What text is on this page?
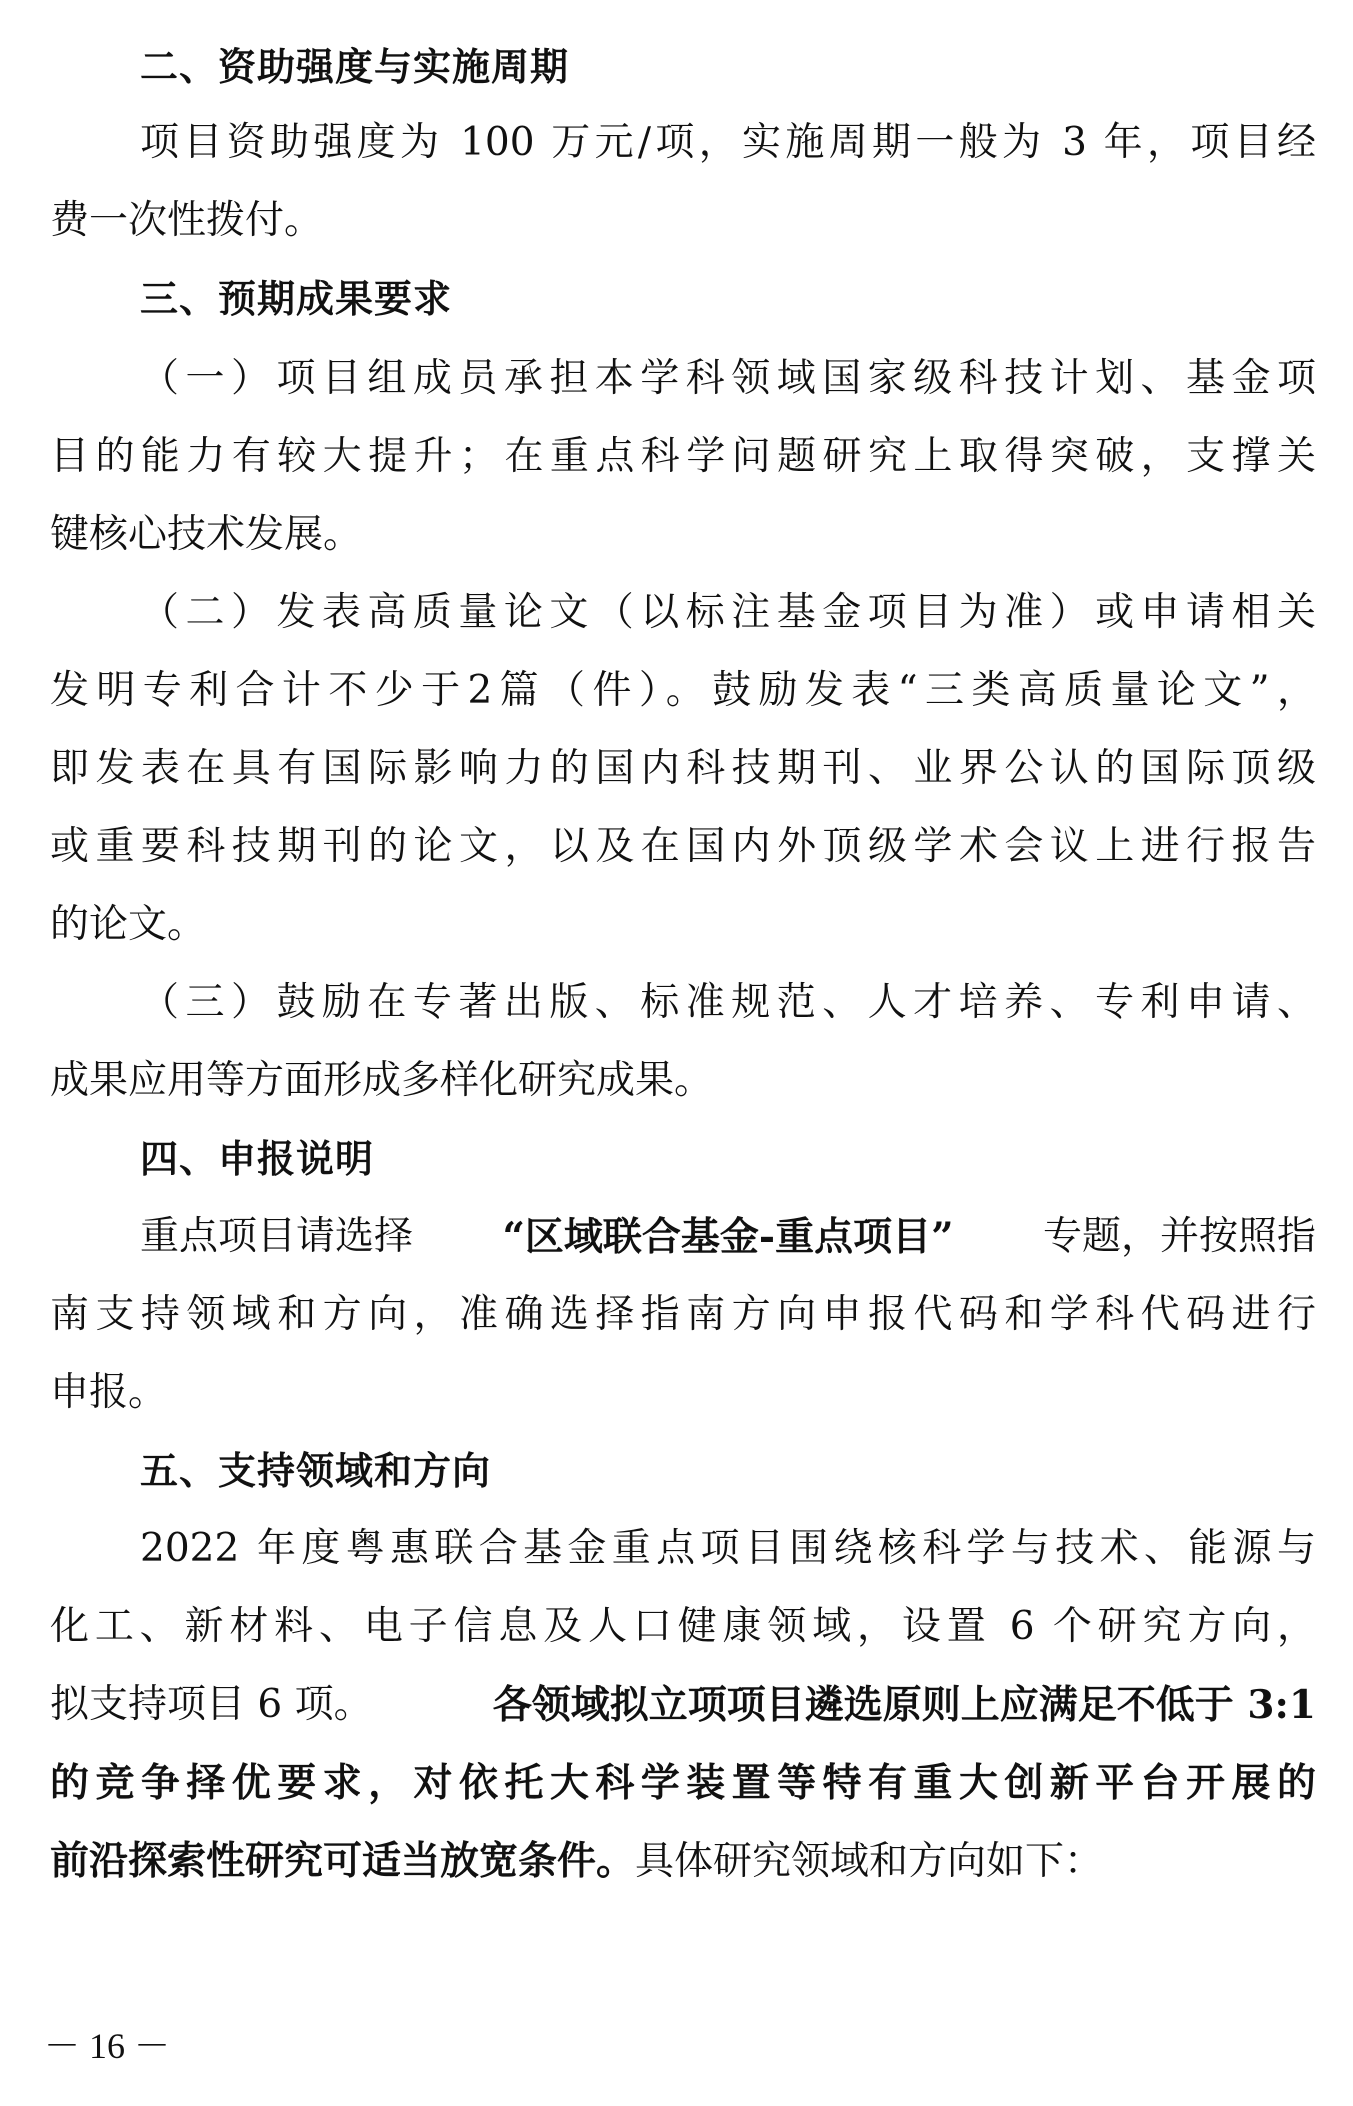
二、资助强度与实施周期
项目资助强度为 100 万元/项，实施周期一般为 3 年，项目经
费一次性拨付。
三、预期成果要求
（一）项目组成员承担本学科领域国家级科技计划、基金项
目的能力有较大提升；在重点科学问题研究上取得突破，支撑关
键核心技术发展。
（二）发表高质量论文（以标注基金项目为准）或申请相关
发明专利合计不少于2篇（件）。鼓励发表“三类高质量论文”，
即发表在具有国际影响力的国内科技期刊、业界公认的国际顶级
或重要科技期刊的论文，以及在国内外顶级学术会议上进行报告
的论文。
（三）鼓励在专著出版、标准规范、人才培养、专利申请、
成果应用等方面形成多样化研究成果。
四、申报说明
重点项目请选择 “区域联合基金-重点项目” 专题，并按照指
南支持领域和方向，准确选择指南方向申报代码和学科代码进行
申报。
五、支持领域和方向
2022 年度粤惠联合基金重点项目围绕核科学与技术、能源与
化工、新材料、电子信息及人口健康领域，设置 6 个研究方向，
拟支持项目 6 项。	各领域拟立项项目遴选原则上应满足不低于 3:1
的竞争择优要求，对依托大科学装置等特有重大创新平台开展的
前沿探索性研究可适当放宽条件。具体研究领域和方向如下：
－ 16 －
